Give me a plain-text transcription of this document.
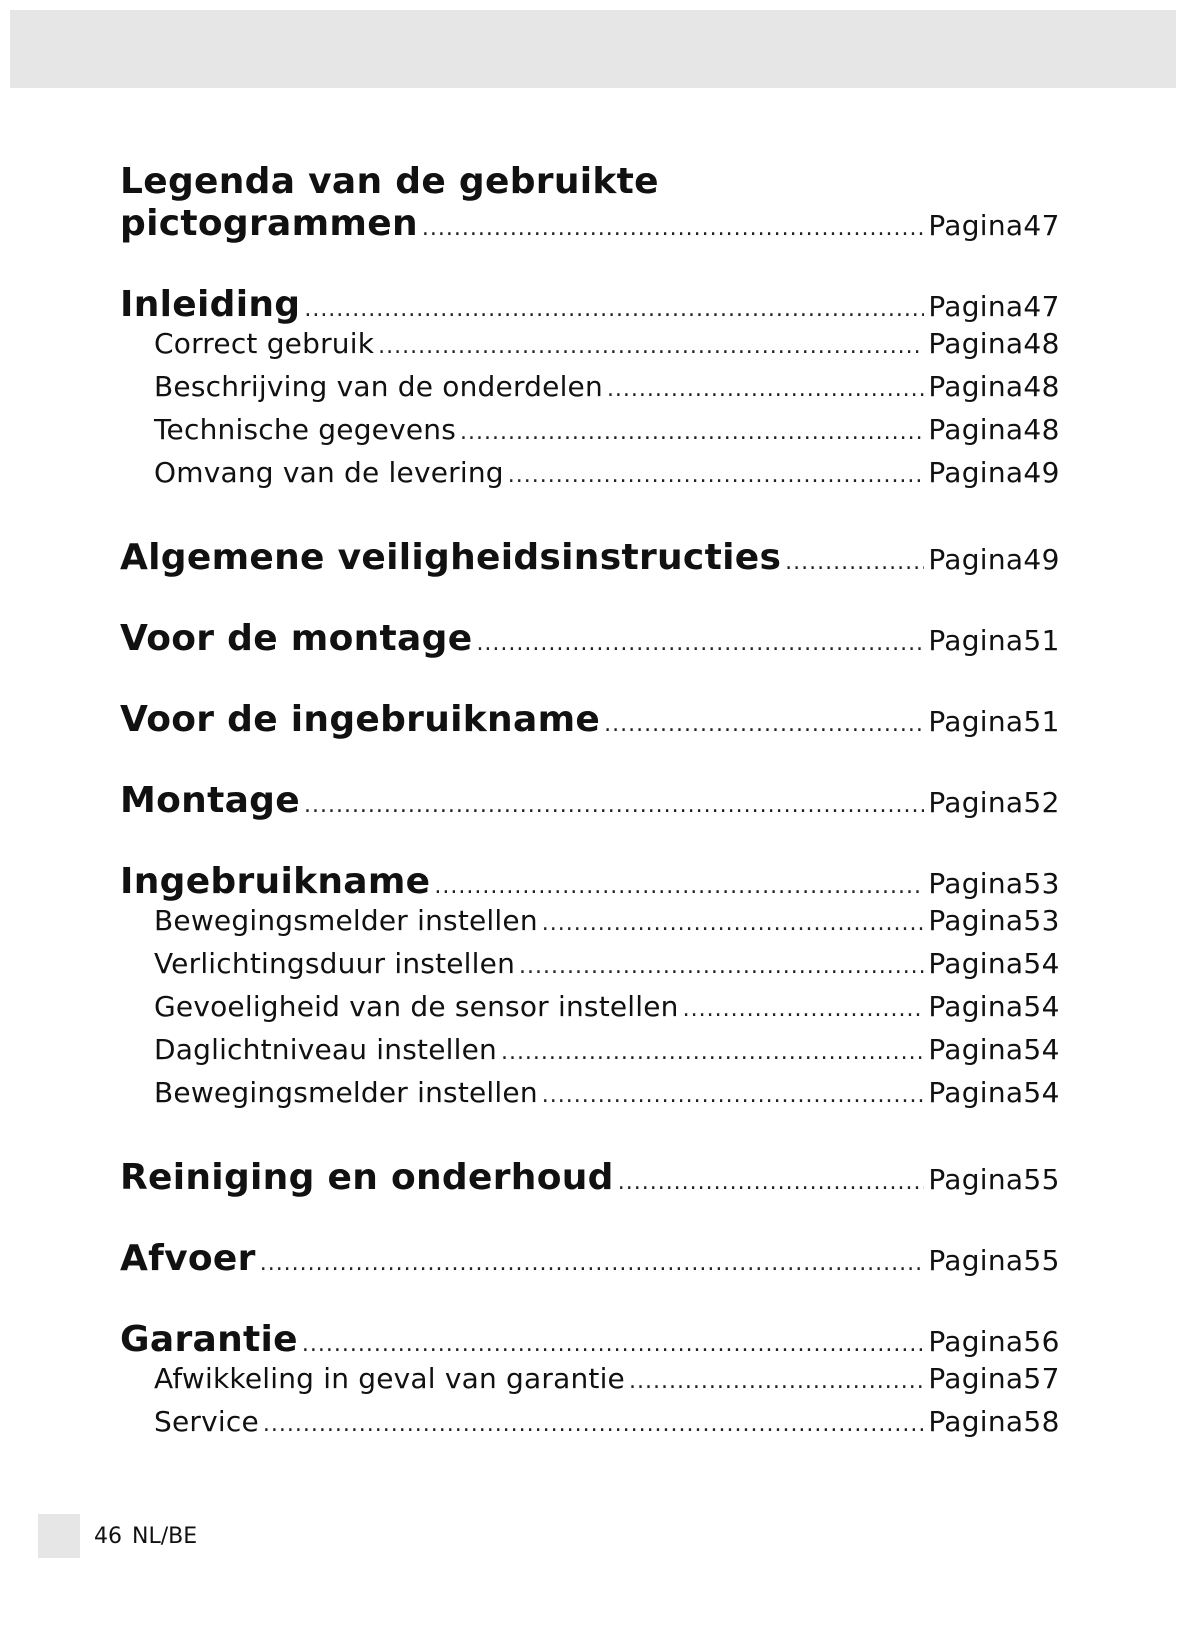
Legenda van de gebruikte
pictogrammen .....	Pagina 47
Inleiding .....	Pagina 47
Correct gebruik .....	Pagina 48
Beschrijving van de onderdelen .....	Pagina 48
Technische gegevens .....	Pagina 48
Omvang van de levering .....	Pagina 49
Algemene veiligheidsinstructies .....	Pagina 49
Voor de montage .....	Pagina 51
Voor de ingebruikname .....	Pagina 51
Montage .....	Pagina 52
Ingebruikname .....	Pagina 53
Bewegingsmelder instellen .....	Pagina 53
Verlichtingsduur instellen .....	Pagina 54
Gevoeligheid van de sensor instellen .....	Pagina 54
Daglichtniveau instellen .....	Pagina 54
Bewegingsmelder instellen .....	Pagina 54
Reiniging en onderhoud .....	Pagina 55
Afvoer .....	Pagina 55
Garantie .....	Pagina 56
Afwikkeling in geval van garantie .....	Pagina 57
Service .....	Pagina 58
46 NL/BE
